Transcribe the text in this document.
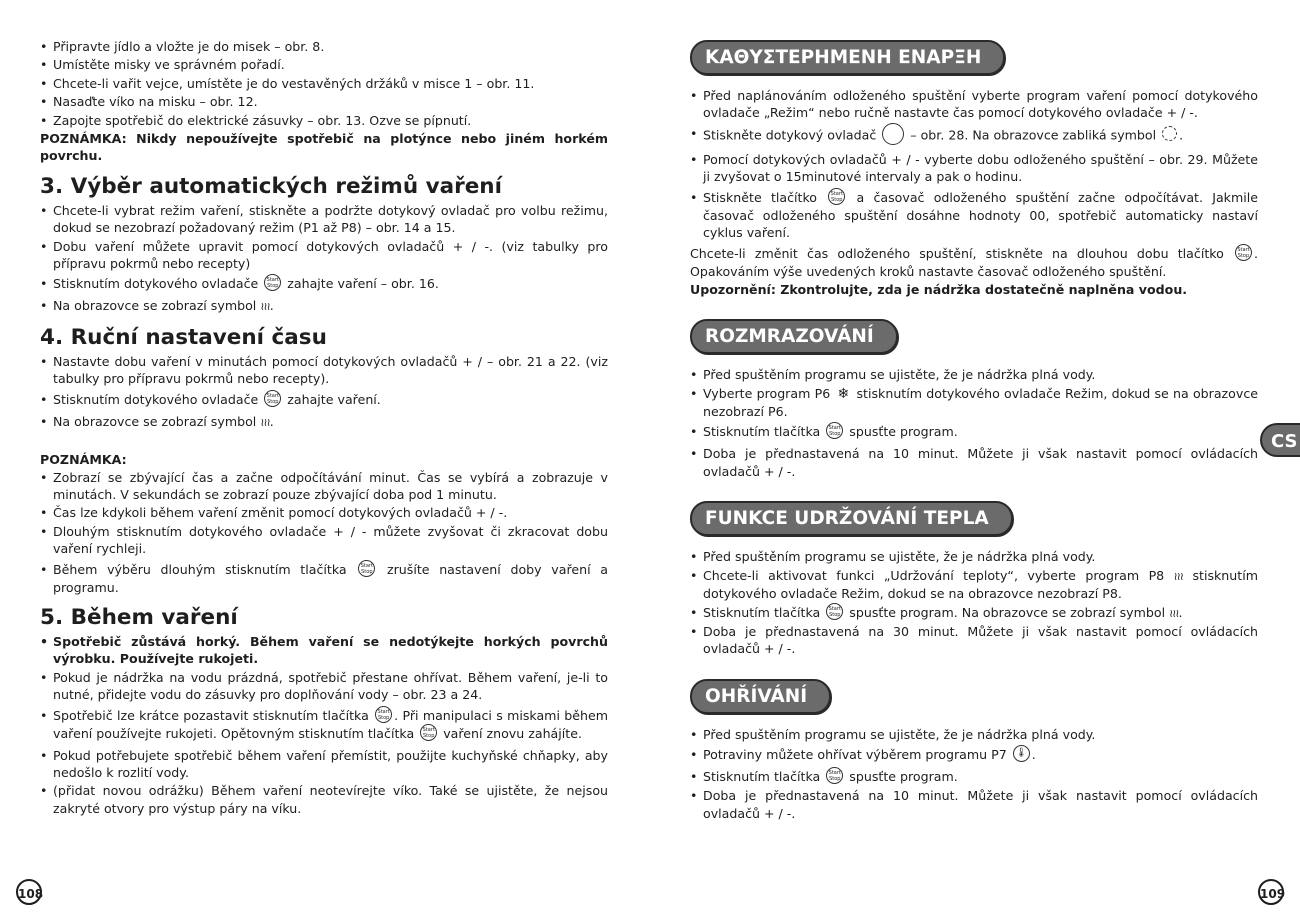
• Připravte jídlo a vložte je do misek – obr. 8.
• Umístěte misky ve správném pořadí.
• Chcete-li vařit vejce, umístěte je do vestavěných držáků v misce 1 – obr. 11.
• Nasaďte víko na misku – obr. 12.
• Zapojte spotřebič do elektrické zásuvky – obr. 13. Ozve se pípnutí.

POZNÁMKA: Nikdy nepoužívejte spotřebič na plotýnce nebo jiném horkém povrchu.

3. Výběr automatických režimů vaření
• Chcete-li vybrat režim vaření, stiskněte a podržte dotykový ovladač pro volbu režimu, dokud se nezobrazí požadovaný režim (P1 až P8) – obr. 14 a 15.
• Dobu vaření můžete upravit pomocí dotykových ovladačů + / -. (viz tabulky pro přípravu pokrmů nebo recepty)
• Stisknutím dotykového ovladače Start
Stop zahajte vaření – obr. 16.
• Na obrazovce se zobrazí symbol ≀≀≀.
4. Ruční nastavení času
• Nastavte dobu vaření v minutách pomocí dotykových ovladačů + / – obr. 21 a 22. (viz tabulky pro přípravu pokrmů nebo recepty).
• Stisknutím dotykového ovladače Start
Stop zahajte vaření.
• Na obrazovce se zobrazí symbol ≀≀≀.

POZNÁMKA:

• Zobrazí se zbývající čas a začne odpočítávání minut. Čas se vybírá a zobrazuje v minutách. V sekundách se zobrazí pouze zbývající doba pod 1 minutu.
• Čas lze kdykoli během vaření změnit pomocí dotykových ovladačů + / -.
• Dlouhým stisknutím dotykového ovladače + / - můžete zvyšovat či zkracovat dobu vaření rychleji.
• Během výběru dlouhým stisknutím tlačítka	Start
Stop zrušíte nastavení doby vaření a programu.
5. Během vaření
• Spotřebič zůstává horký. Během vaření se nedotýkejte horkých povrchů výrobku. Používejte rukojeti.
• Pokud je nádržka na vodu prázdná, spotřebič přestane ohřívat. Během vaření, je-li to nutné, přidejte vodu do zásuvky pro doplňování vody – obr. 23 a 24.
• Spotřebič lze krátce pozastavit stisknutím tlačítka Start
Stop . Při manipulaci s miskami během vaření používejte rukojeti. Opětovným stisknutím tlačítka Start
Stop vaření znovu zahájíte.
• Pokud potřebujete spotřebič během vaření přemístit, použijte kuchyňské chňapky, aby nedošlo k rozlití vody.
• (přidat novou odrážku) Během vaření neotevírejte víko. Také se ujistěte, že nejsou zakryté otvory pro výstup páry na víku.
ΚΑΘΥΣΤΕΡΗΜΕΝΗ ΕΝΑΡΞΗ
• Před naplánováním odloženého spuštění vyberte program vaření pomocí dotykového ovladače „Režim“ nebo ručně nastavte čas pomocí dotykového ovladače + / -.
• Stiskněte dotykový ovladač	– obr. 28. Na obrazovce zabliká symbol .
• Pomocí dotykových ovladačů + / - vyberte dobu odloženého spuštění – obr. 29. Můžete ji zvyšovat o 15minutové intervaly a pak o hodinu.
• Stiskněte tlačítko	Start
Stop a časovač odloženého spuštění začne odpočítávat. Jakmile časovač odloženého spuštění dosáhne hodnoty 00, spotřebič automaticky nastaví cyklus vaření.

Chcete-li změnit čas odloženého spuštění, stiskněte na dlouhou dobu tlačítko	Start
Stop . Opakováním výše uvedených kroků nastavte časovač odloženého spuštění.

Upozornění: Zkontrolujte, zda je nádržka dostatečně naplněna vodou.

ROZMRAZOVÁNÍ
• Před spuštěním programu se ujistěte, že je nádržka plná vody.
• Vyberte program P6 ❄ stisknutím dotykového ovladače Režim, dokud se na obrazovce nezobrazí P6.
• Stisknutím tlačítka Start
Stop spusťte program.
• Doba je přednastavená na 10 minut. Můžete ji však nastavit pomocí ovládacích ovladačů + / -.
FUNKCE UDRŽOVÁNÍ TEPLA
• Před spuštěním programu se ujistěte, že je nádržka plná vody.
• Chcete-li aktivovat funkci „Udržování teploty“, vyberte program P8 ≀≀≀ stisknutím dotykového ovladače Režim, dokud se na obrazovce nezobrazí P8.
• Stisknutím tlačítka Start
Stop spusťte program. Na obrazovce se zobrazí symbol ≀≀≀.
• Doba je přednastavená na 30 minut. Můžete ji však nastavit pomocí ovládacích ovladačů + / -.
OHŘÍVÁNÍ
• Před spuštěním programu se ujistěte, že je nádržka plná vody.
• Potraviny můžete ohřívat výběrem programu P7 🌡 .
• Stisknutím tlačítka Start
Stop spusťte program.
• Doba je přednastavená na 10 minut. Můžete ji však nastavit pomocí ovládacích ovladačů + / -.
CS
108	109
